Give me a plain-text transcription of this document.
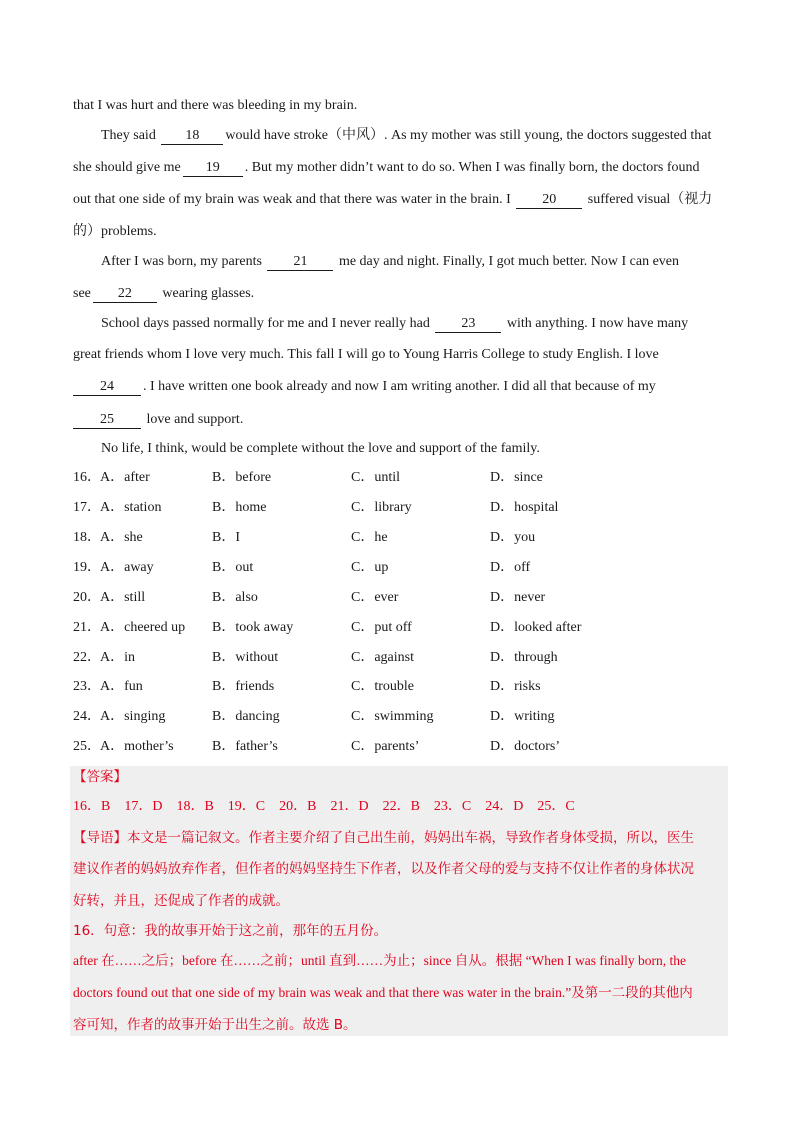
that I was hurt and there was bleeding in my brain.
They said 18 would have stroke（中风）. As my mother was still young, the doctors suggested that
she should give me 19 . But my mother didn’t want to do so. When I was finally born, the doctors found
out that one side of my brain was weak and that there was water in the brain. I 20 suffered visual（视力
的）problems.
After I was born, my parents 21 me day and night. Finally, I got much better. Now I can even
see 22 wearing glasses.
School days passed normally for me and I never really had 23 with anything. I now have many
great friends whom I love very much. This fall I will go to Young Harris College to study English. I love
24 . I have written one book already and now I am writing another. I did all that because of my
25 love and support.
No life, I think, would be complete without the love and support of the family.
16． A．after	B．before	C．until	D．since
17． A．station	B．home	C．library	D．hospital
18． A．she	B．I	C．he	D．you
19． A．away	B．out	C．up	D．off
20． A．still	B．also	C．ever	D．never
21． A．cheered up B．took away	C．put off	D．looked after
22． A．in	B．without	C．against	D．through
23． A．fun	B．friends	C．trouble	D．risks
24． A．singing	B．dancing	C．swimming	D．writing
25． A．mother’s	B．father’s	C．parents’	D．doctors’
【答案】
16．B　17．D　18．B　19．C　20．B　21．D　22．B　23．C　24．D　25．C
【导语】本文是一篇记叙文。作者主要介绍了自己出生前，妈妈出车祸，导致作者身体受损，所以，医生
建议作者的妈妈放弃作者，但作者的妈妈坚持生下作者，以及作者父母的爱与支持不仅让作者的身体状况
好转，并且，还促成了作者的成就。
16．句意：我的故事开始于这之前，那年的五月份。
after 在……之后；before 在……之前；until 直到……为止；since 自从。根据 “When I was finally born, the
doctors found out that one side of my brain was weak and that there was water in the brain.”及第一二段的其他内
容可知，作者的故事开始于出生之前。故选 B。
